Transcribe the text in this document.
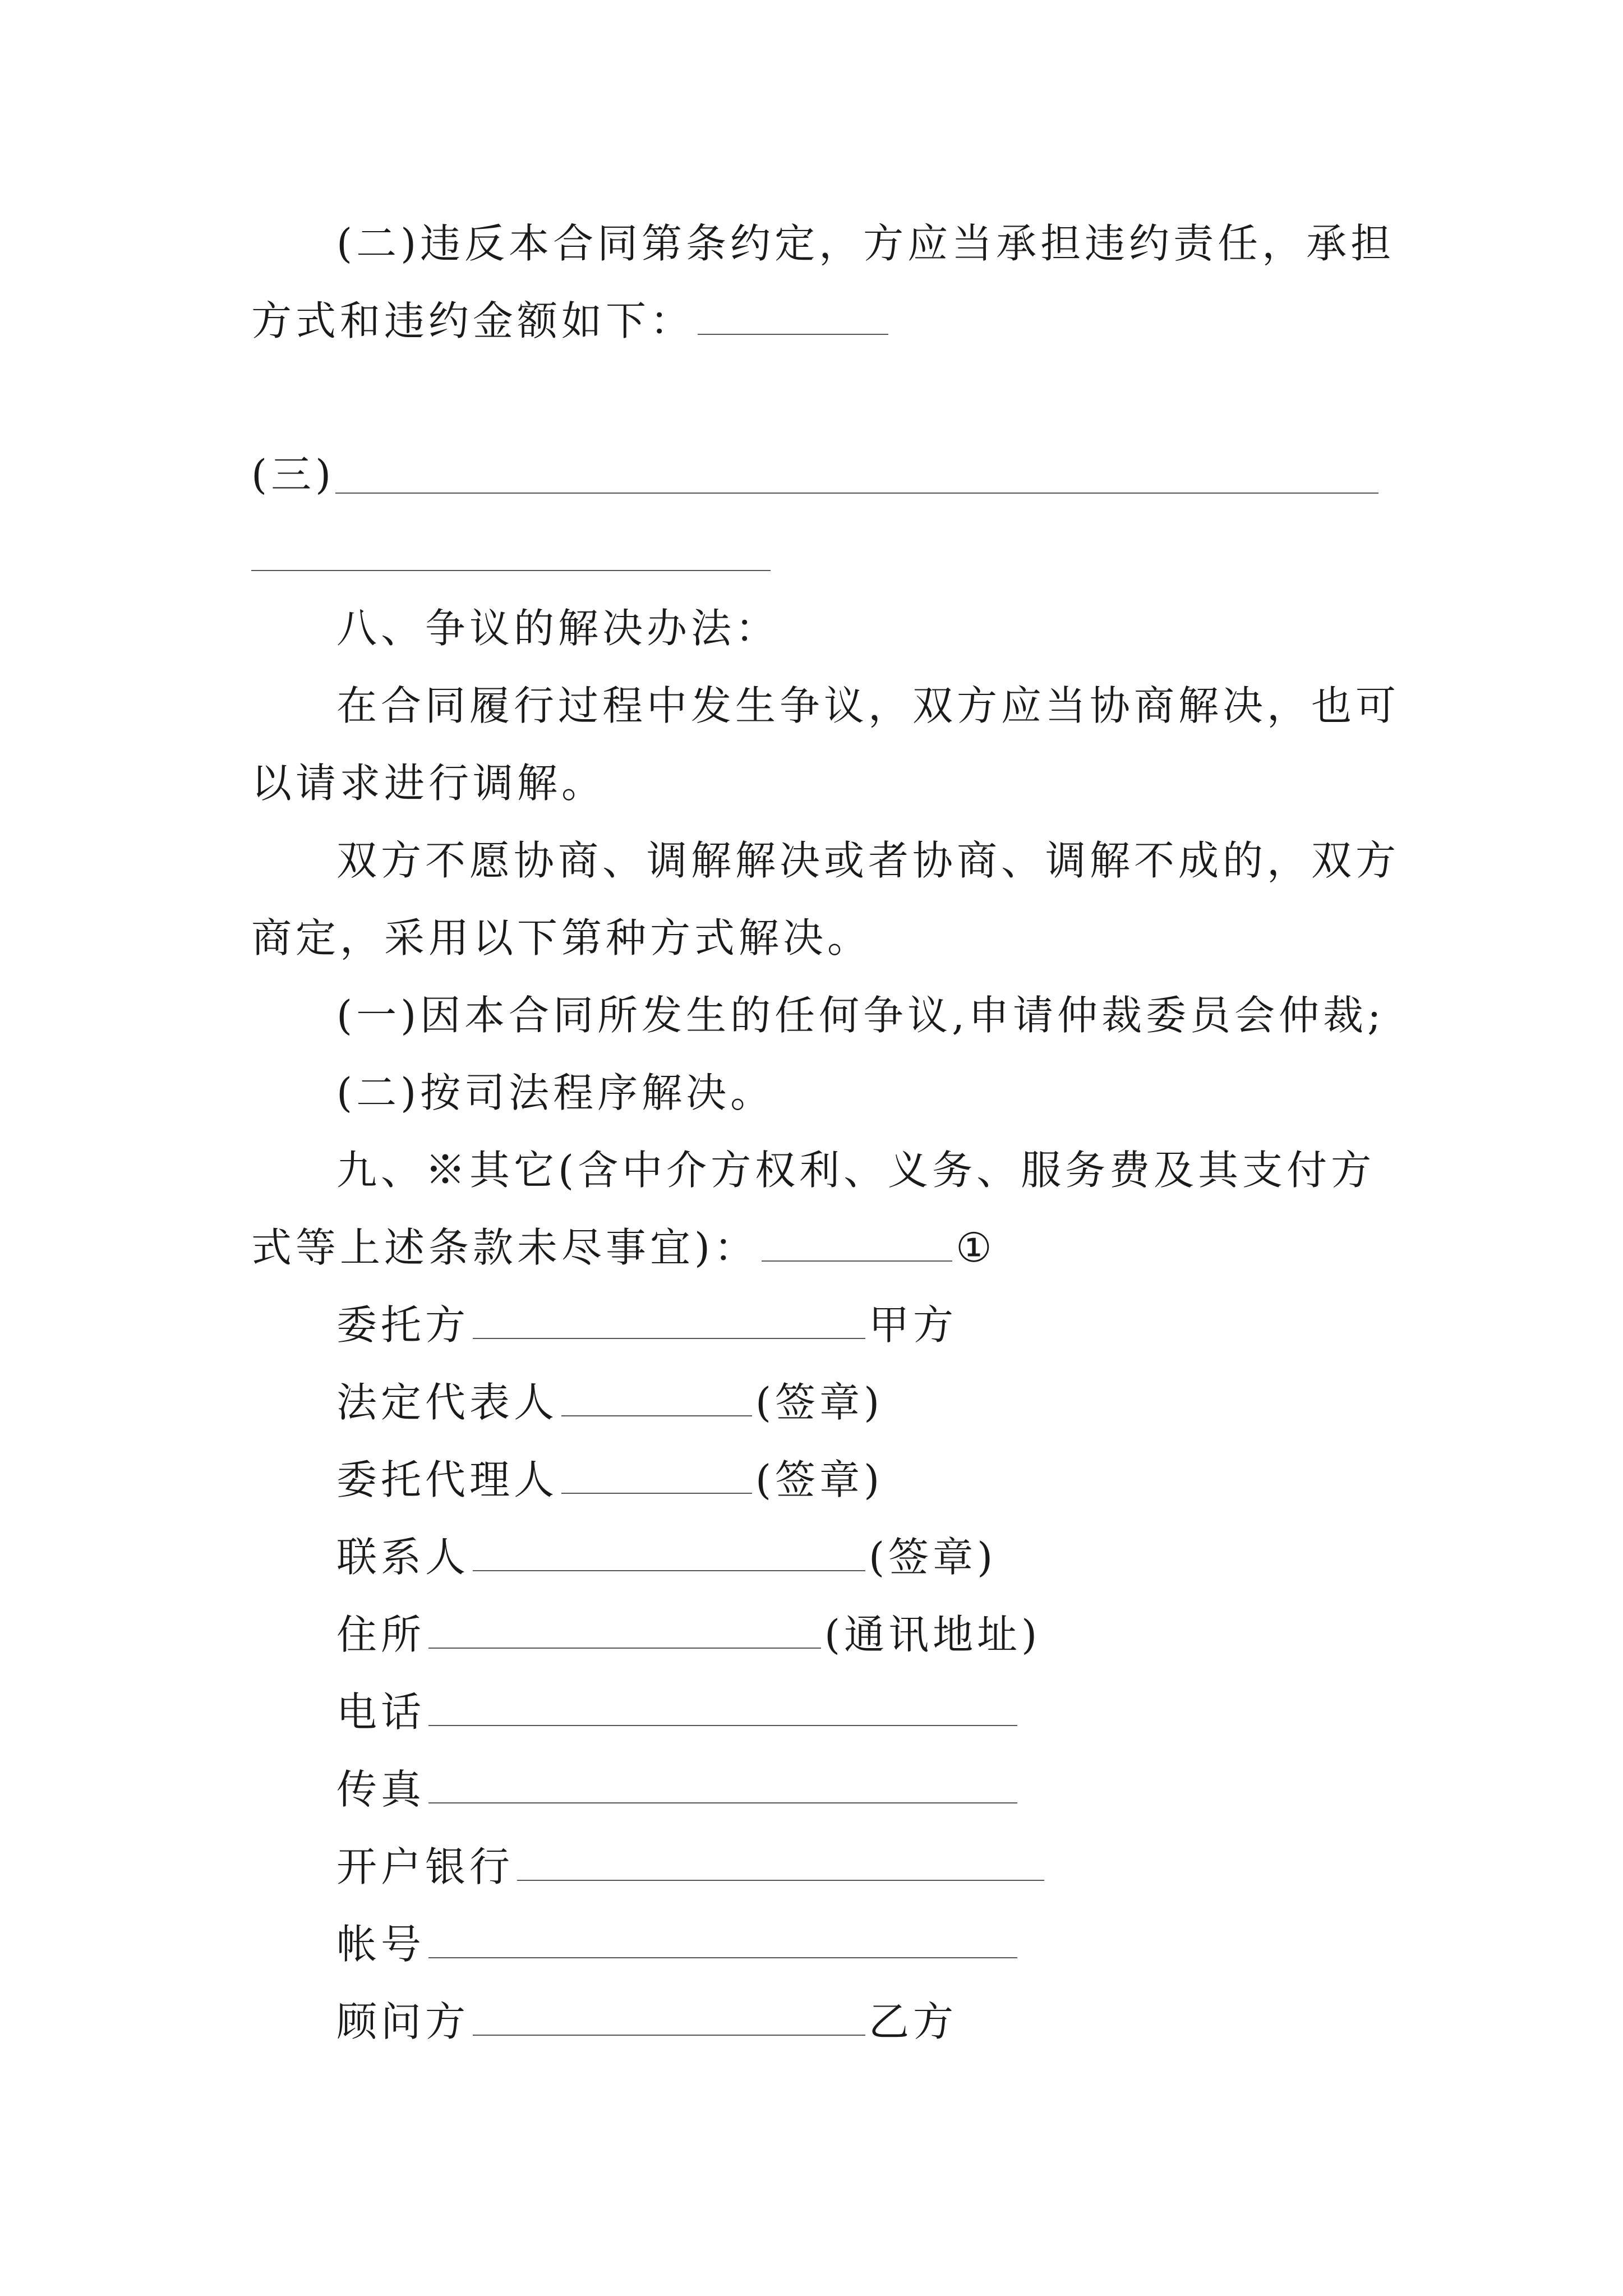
(二)违反本合同第条约定，方应当承担违约责任，承担
方式和违约金额如下：
(三)
八、争议的解决办法：
在合同履行过程中发生争议，双方应当协商解决，也可
以请求进行调解。
双方不愿协商、调解解决或者协商、调解不成的，双方
商定，采用以下第种方式解决。
(一)因本合同所发生的任何争议,申请仲裁委员会仲裁;
(二)按司法程序解决。
九、※其它(含中介方权利、义务、服务费及其支付方
式等上述条款未尽事宜)：	①
委托方	甲方
法定代表人	(签章)
委托代理人	(签章)
联系人	(签章)
住所	(通讯地址)
电话
传真
开户银行
帐号
顾问方	乙方
